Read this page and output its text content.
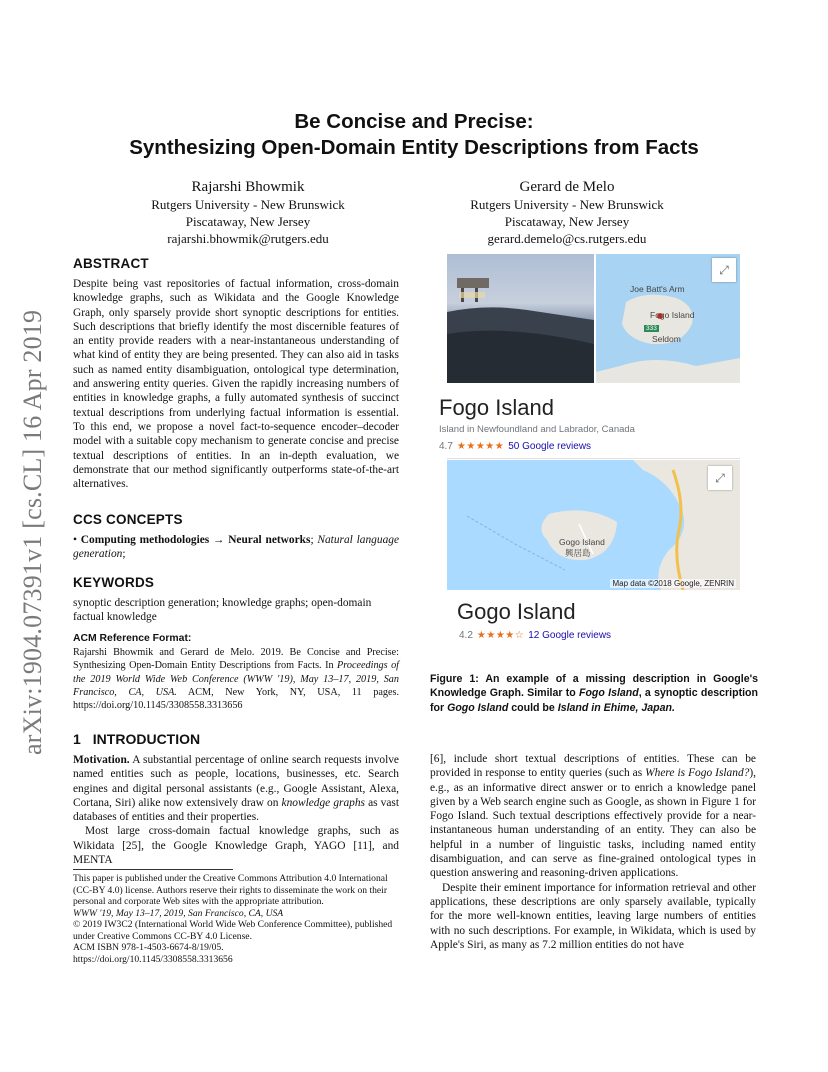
arXiv:1904.07391v1 [cs.CL] 16 Apr 2019
Be Concise and Precise:
Synthesizing Open-Domain Entity Descriptions from Facts
Rajarshi Bhowmik
Rutgers University - New Brunswick
Piscataway, New Jersey
rajarshi.bhowmik@rutgers.edu
Gerard de Melo
Rutgers University - New Brunswick
Piscataway, New Jersey
gerard.demelo@cs.rutgers.edu
ABSTRACT

Despite being vast repositories of factual information, cross-domain knowledge graphs, such as Wikidata and the Google Knowledge Graph, only sparsely provide short synoptic descriptions for entities. Such descriptions that briefly identify the most discernible features of an entity provide readers with a near-instantaneous understanding of what kind of entity they are being presented. They can also aid in tasks such as named entity disambiguation, ontological type determination, and answering entity queries. Given the rapidly increasing numbers of entities in knowledge graphs, a fully automated synthesis of succinct textual descriptions from underlying factual information is essential. To this end, we propose a novel fact-to-sequence encoder–decoder model with a suitable copy mechanism to generate concise and precise textual descriptions of entities. In an in-depth evaluation, we demonstrate that our method significantly outperforms state-of-the-art alternatives.

CCS CONCEPTS

• Computing methodologies → Neural networks; Natural language generation;

KEYWORDS

synoptic description generation; knowledge graphs; open-domain factual knowledge

ACM Reference Format:

Rajarshi Bhowmik and Gerard de Melo. 2019. Be Concise and Precise: Synthesizing Open-Domain Entity Descriptions from Facts. In Proceedings of the 2019 World Wide Web Conference (WWW '19), May 13–17, 2019, San Francisco, CA, USA. ACM, New York, NY, USA, 11 pages. https://doi.org/10.1145/3308558.3313656

1 INTRODUCTION

Motivation. A substantial percentage of online search requests involve named entities such as people, locations, businesses, etc. Search engines and digital personal assistants (e.g., Google Assistant, Alexa, Cortana, Siri) alike now extensively draw on knowledge graphs as vast databases of entities and their properties.

Most large cross-domain factual knowledge graphs, such as Wikidata [25], the Google Knowledge Graph, YAGO [11], and MENTA

This paper is published under the Creative Commons Attribution 4.0 International (CC-BY 4.0) license. Authors reserve their rights to disseminate the work on their personal and corporate Web sites with the appropriate attribution.
WWW '19, May 13–17, 2019, San Francisco, CA, USA
© 2019 IW3C2 (International World Wide Web Conference Committee), published under Creative Commons CC-BY 4.0 License.
ACM ISBN 978-1-4503-6674-8/19/05.
https://doi.org/10.1145/3308558.3313656
⤢
Joe Batt's Arm
Fogo Island
333
Seldom
Fogo Island
Island in Newfoundland and Labrador, Canada
4.7 ★★★★★ 50 Google reviews
⤢
Gogo Island
興居島
Map data ©2018 Google, ZENRIN
Gogo Island
4.2 ★★★★☆ 12 Google reviews
Figure 1: An example of a missing description in Google's Knowledge Graph. Similar to Fogo Island, a synoptic description for Gogo Island could be Island in Ehime, Japan.

[6], include short textual descriptions of entities. These can be provided in response to entity queries (such as Where is Fogo Island?), e.g., as an informative direct answer or to enrich a knowledge panel given by a Web search engine such as Google, as shown in Figure 1 for Fogo Island. Such textual descriptions effectively provide for a near-instantaneous human understanding of an entity. They can also be helpful in a number of linguistic tasks, including named entity disambiguation, and can serve as fine-grained ontological types in question answering and reasoning-driven applications.

Despite their eminent importance for information retrieval and other applications, these descriptions are only sparsely available, typically for the more well-known entities, leaving large numbers of entities with no such descriptions. For example, in Wikidata, which is used by Apple's Siri, as many as 7.2 million entities do not have
